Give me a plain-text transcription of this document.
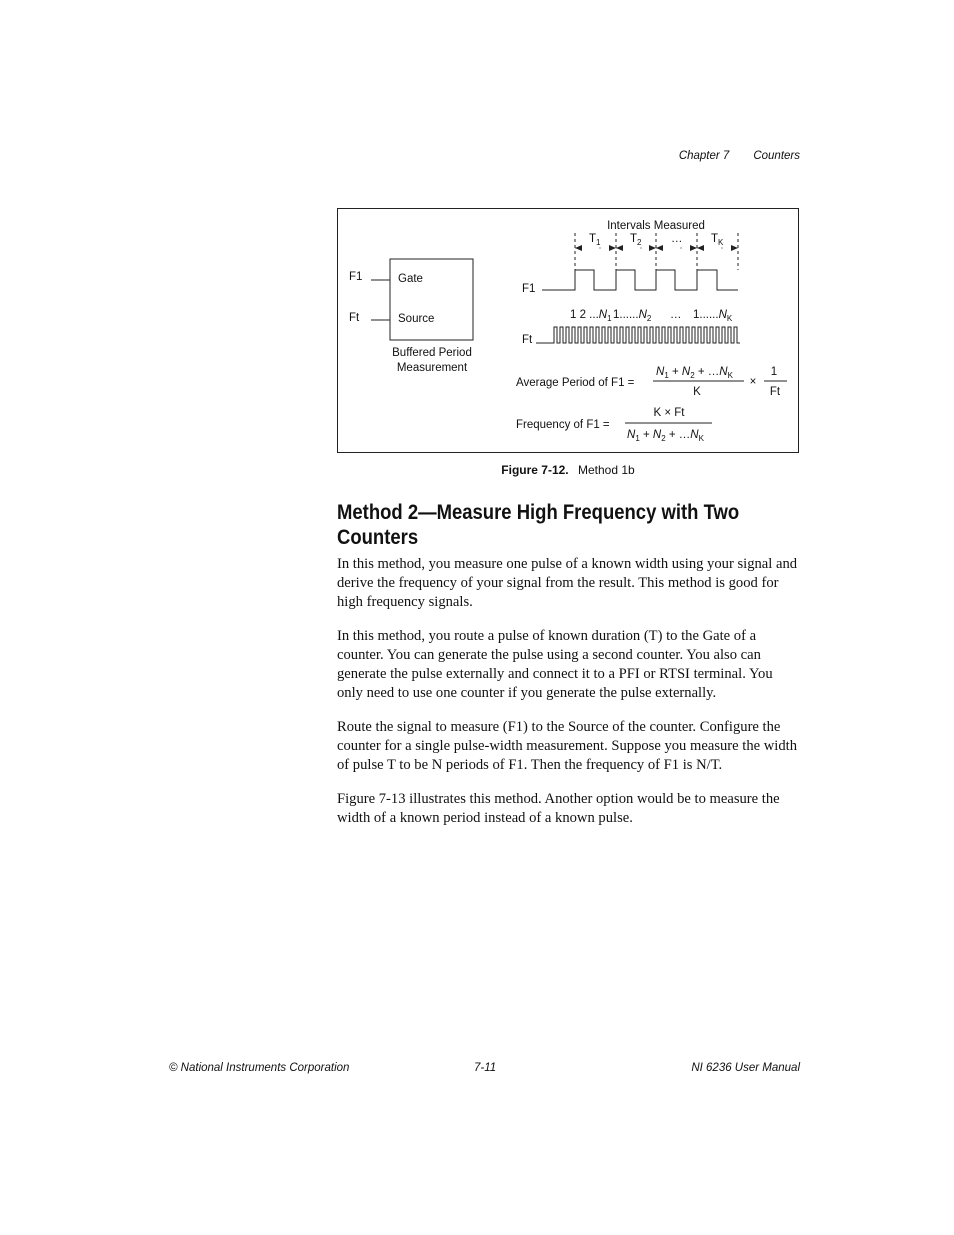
Chapter 7 Counters
F1
Ft
Gate
Source
Buffered Period
Measurement
Intervals Measured
$T_1$	$T_2$	… $T_K$
F1
1 2 $...N_1$ $1......N_2$ … $1......N_K$
Ft
Average Period of F1 =
$N_1 + N_2$ + $\dots N_K$
K
×
1
Ft
Frequency of F1 =
K × Ft
$N_1 + N_2$ + $\dots N_K$
Figure 7-12. Method 1b
Method 2—Measure High Frequency with Two Counters

In this method, you measure one pulse of a known width using your signal and derive the frequency of your signal from the result. This method is good for high frequency signals.

In this method, you route a pulse of known duration (T) to the Gate of a counter. You can generate the pulse using a second counter. You also can generate the pulse externally and connect it to a PFI or RTSI terminal. You only need to use one counter if you generate the pulse externally.

Route the signal to measure (F1) to the Source of the counter. Configure the counter for a single pulse-width measurement. Suppose you measure the width of pulse T to be N periods of F1. Then the frequency of F1 is N/T.

Figure 7-13 illustrates this method. Another option would be to measure the width of a known period instead of a known pulse.

© National Instruments Corporation	7-11	NI 6236 User Manual
